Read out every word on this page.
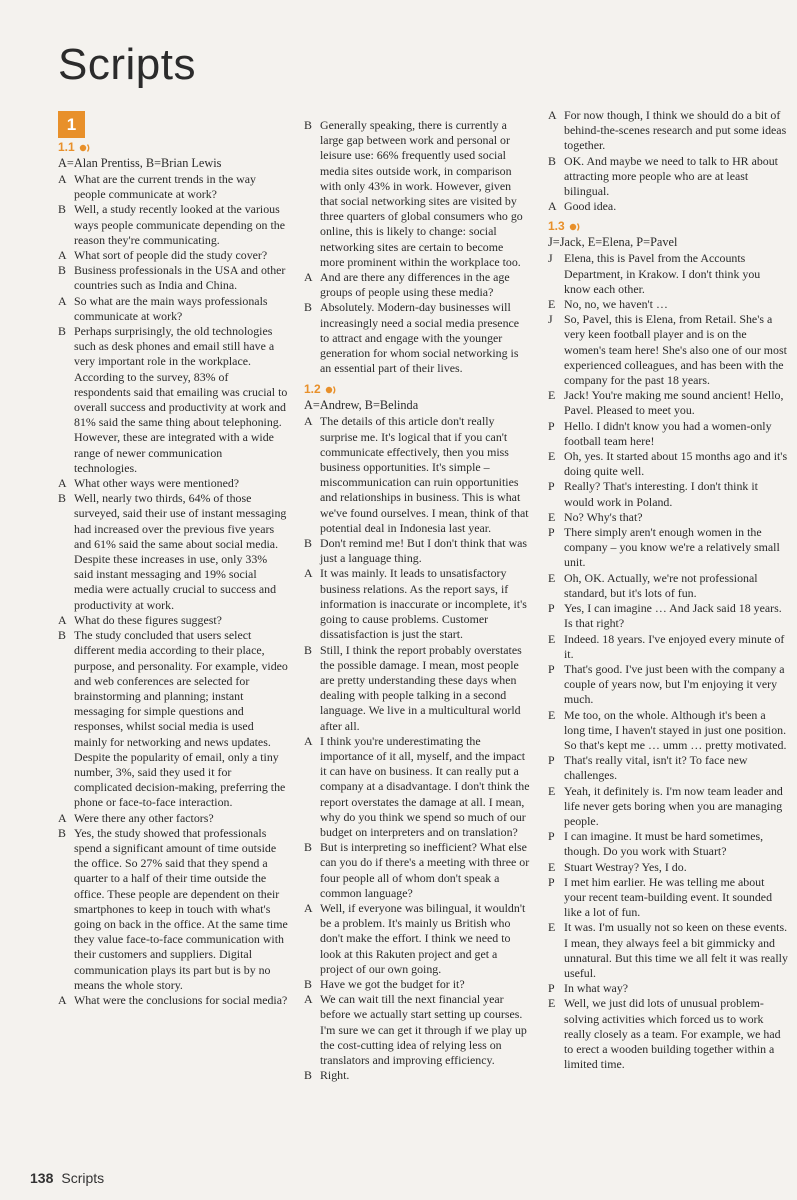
Scripts
1
1.1
A=Alan Prentiss, B=Brian Lewis
A What are the current trends in the way people communicate at work?
B Well, a study recently looked at the various ways people communicate depending on the reason they're communicating.
A What sort of people did the study cover?
B Business professionals in the USA and other countries such as India and China.
A So what are the main ways professionals communicate at work?
B Perhaps surprisingly, the old technologies such as desk phones and email still have a very important role in the workplace. According to the survey, 83% of respondents said that emailing was crucial to overall success and productivity at work and 81% said the same thing about telephoning. However, these are integrated with a wide range of newer communication technologies.
A What other ways were mentioned?
B Well, nearly two thirds, 64% of those surveyed, said their use of instant messaging had increased over the previous five years and 61% said the same about social media. Despite these increases in use, only 33% said instant messaging and 19% social media were actually crucial to success and productivity at work.
A What do these figures suggest?
B The study concluded that users select different media according to their place, purpose, and personality. For example, video and web conferences are selected for brainstorming and planning; instant messaging for simple questions and responses, whilst social media is used mainly for networking and news updates. Despite the popularity of email, only a tiny number, 3%, said they used it for complicated decision-making, preferring the phone or face-to-face interaction.
A Were there any other factors?
B Yes, the study showed that professionals spend a significant amount of time outside the office. So 27% said that they spend a quarter to a half of their time outside the office. These people are dependent on their smartphones to keep in touch with what's going on back in the office. At the same time they value face-to-face communication with their customers and suppliers. Digital communication plays its part but is by no means the whole story.
A What were the conclusions for social media?
B Generally speaking, there is currently a large gap between work and personal or leisure use: 66% frequently used social media sites outside work, in comparison with only 43% in work. However, given that social networking sites are visited by three quarters of global consumers who go online, this is likely to change: social networking sites are certain to become more prominent within the workplace too.
A And are there any differences in the age groups of people using these media?
B Absolutely. Modern-day businesses will increasingly need a social media presence to attract and engage with the younger generation for whom social networking is an essential part of their lives.
1.2
A=Andrew, B=Belinda
A The details of this article don't really surprise me. It's logical that if you can't communicate effectively, then you miss business opportunities. It's simple – miscommunication can ruin opportunities and relationships in business. This is what we've found ourselves. I mean, think of that potential deal in Indonesia last year.
B Don't remind me! But I don't think that was just a language thing.
A It was mainly. It leads to unsatisfactory business relations. As the report says, if information is inaccurate or incomplete, it's going to cause problems. Customer dissatisfaction is just the start.
B Still, I think the report probably overstates the possible damage. I mean, most people are pretty understanding these days when dealing with people talking in a second language. We live in a multicultural world after all.
A I think you're underestimating the importance of it all, myself, and the impact it can have on business. It can really put a company at a disadvantage. I don't think the report overstates the damage at all. I mean, why do you think we spend so much of our budget on interpreters and on translation?
B But is interpreting so inefficient? What else can you do if there's a meeting with three or four people all of whom don't speak a common language?
A Well, if everyone was bilingual, it wouldn't be a problem. It's mainly us British who don't make the effort. I think we need to look at this Rakuten project and get a project of our own going.
B Have we got the budget for it?
A We can wait till the next financial year before we actually start setting up courses. I'm sure we can get it through if we play up the cost-cutting idea of relying less on translators and improving efficiency.
B Right.
A For now though, I think we should do a bit of behind-the-scenes research and put some ideas together.
B OK. And maybe we need to talk to HR about attracting more people who are at least bilingual.
A Good idea.
1.3
J=Jack, E=Elena, P=Pavel
J Elena, this is Pavel from the Accounts Department, in Krakow. I don't think you know each other.
E No, no, we haven't …
J So, Pavel, this is Elena, from Retail. She's a very keen football player and is on the women's team here! She's also one of our most experienced colleagues, and has been with the company for the past 18 years.
E Jack! You're making me sound ancient! Hello, Pavel. Pleased to meet you.
P Hello. I didn't know you had a women-only football team here!
E Oh, yes. It started about 15 months ago and it's doing quite well.
P Really? That's interesting. I don't think it would work in Poland.
E No? Why's that?
P There simply aren't enough women in the company – you know we're a relatively small unit.
E Oh, OK. Actually, we're not professional standard, but it's lots of fun.
P Yes, I can imagine … And Jack said 18 years. Is that right?
E Indeed. 18 years. I've enjoyed every minute of it.
P That's good. I've just been with the company a couple of years now, but I'm enjoying it very much.
E Me too, on the whole. Although it's been a long time, I haven't stayed in just one position. So that's kept me … umm … pretty motivated.
P That's really vital, isn't it? To face new challenges.
E Yeah, it definitely is. I'm now team leader and life never gets boring when you are managing people.
P I can imagine. It must be hard sometimes, though. Do you work with Stuart?
E Stuart Westray? Yes, I do.
P I met him earlier. He was telling me about your recent team-building event. It sounded like a lot of fun.
E It was. I'm usually not so keen on these events. I mean, they always feel a bit gimmicky and unnatural. But this time we all felt it was really useful.
P In what way?
E Well, we just did lots of unusual problem-solving activities which forced us to work really closely as a team. For example, we had to erect a wooden building together within a limited time.
138 Scripts
